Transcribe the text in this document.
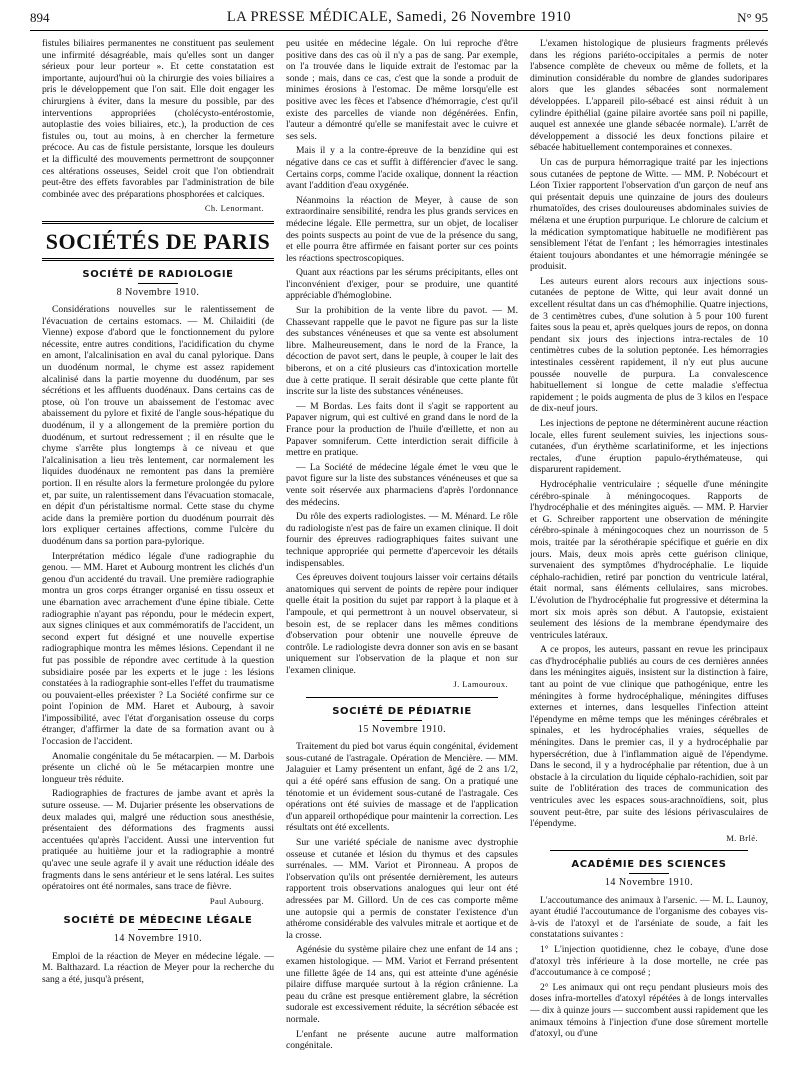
894	LA PRESSE MÉDICALE, Samedi, 26 Novembre 1910	N° 95

fistules biliaires permanentes ne constituent pas seulement une infirmité désagréable, mais qu'elles sont un danger sérieux pour leur porteur ». Et cette constatation est importante, aujourd'hui où la chirurgie des voies biliaires a pris le développement que l'on sait. Elle doit engager les chirurgiens à éviter, dans la mesure du possible, par des interventions appropriées (cholécysto-entérostomie, autoplastie des voies biliaires, etc.), la production de ces fistules ou, tout au moins, à en chercher la fermeture précoce. Au cas de fistule persistante, lorsque les douleurs et la difficulté des mouvements permettront de soupçonner ces altérations osseuses, Seidel croit que l'on obtiendrait peut-être des effets favorables par l'administration de bile combinée avec des préparations phosphorées et calciques.

Ch. Lenormant.
SOCIÉTÉS DE PARIS
SOCIÉTÉ DE RADIOLOGIE
8 Novembre 1910.

Considérations nouvelles sur le ralentissement de l'évacuation de certains estomacs. — M. Chilaiditi (de Vienne) expose d'abord que le fonctionnement du pylore nécessite, entre autres conditions, l'acidification du chyme en amont, l'alcalinisation en aval du canal pylorique. Dans un duodénum normal, le chyme est assez rapidement alcalinisé dans la partie moyenne du duodénum, par ses sécrétions et les affluents duodénaux. Dans certains cas de ptose, où l'on trouve un abaissement de l'estomac avec abaissement du pylore et fixité de l'angle sous-hépatique du duodénum, il y a allongement de la première portion du duodénum, et surtout redressement ; il en résulte que le chyme s'arrête plus longtemps à ce niveau et que l'alcalinisation a lieu très lentement, car normalement les liquides duodénaux ne remontent pas dans la première portion. Il en résulte alors la fermeture prolongée du pylore et, par suite, un ralentissement dans l'évacuation stomacale, en dépit d'un péristaltisme normal. Cette stase du chyme acide dans la première portion du duodénum pourrait dès lors expliquer certaines affections, comme l'ulcère du duodénum dans sa portion para-pylorique.

Interprétation médico légale d'une radiographie du genou. — MM. Haret et Aubourg montrent les clichés d'un genou d'un accidenté du travail. Une première radiographie montra un gros corps étranger organisé en tissu osseux et une ébarnation avec arrachement d'une épine tibiale. Cette radiographie n'ayant pas répondu, pour le médecin expert, aux signes cliniques et aux commémoratifs de l'accident, un second expert fut désigné et une nouvelle expertise radiographique montra les mêmes lésions. Cependant il ne fut pas possible de répondre avec certitude à la question subsidiaire posée par les experts et le juge : les lésions constatées à la radiographie sont-elles l'effet du traumatisme ou pouvaient-elles préexister ? La Société confirme sur ce point l'opinion de MM. Haret et Aubourg, à savoir l'impossibilité, avec l'état d'organisation osseuse du corps étranger, d'affirmer la date de sa formation avant ou à l'occasion de l'accident.

Anomalie congénitale du 5e métacarpien. — M. Darbois présente un cliché où le 5e métacarpien montre une longueur très réduite.

Radiographies de fractures de jambe avant et après la suture osseuse. — M. Dujarier présente les observations de deux malades qui, malgré une réduction sous anesthésie, présentaient des déformations des fragments aussi accentuées qu'après l'accident. Aussi une intervention fut pratiquée au huitième jour et la radiographie a montré qu'avec une seule agrafe il y avait une réduction idéale des fragments dans le sens antérieur et le sens latéral. Les suites opératoires ont été normales, sans trace de fièvre.

Paul Aubourg.
SOCIÉTÉ DE MÉDECINE LÉGALE
14 Novembre 1910.

Emploi de la réaction de Meyer en médecine légale. — M. Balthazard. La réaction de Meyer pour la recherche du sang a été, jusqu'à présent,

peu usitée en médecine légale. On lui reproche d'être positive dans des cas où il n'y a pas de sang. Par exemple, on l'a trouvée dans le liquide extrait de l'estomac par la sonde ; mais, dans ce cas, c'est que la sonde a produit de minimes érosions à l'estomac. De même lorsqu'elle est positive avec les fèces et l'absence d'hémorragie, c'est qu'il existe des parcelles de viande non dégénérées. Enfin, l'auteur a démontré qu'elle se manifestait avec le cuivre et ses sels.

Mais il y a la contre-épreuve de la benzidine qui est négative dans ce cas et suffit à différencier d'avec le sang. Certains corps, comme l'acide oxalique, donnent la réaction avant l'addition d'eau oxygénée.

Néanmoins la réaction de Meyer, à cause de son extraordinaire sensibilité, rendra les plus grands services en médecine légale. Elle permettra, sur un objet, de localiser des points suspects au point de vue de la présence du sang, et elle pourra être affirmée en faisant porter sur ces points les réactions spectroscopiques.

Quant aux réactions par les sérums précipitants, elles ont l'inconvénient d'exiger, pour se produire, une quantité appréciable d'hémoglobine.

Sur la prohibition de la vente libre du pavot. — M. Chassevant rappelle que le pavot ne figure pas sur la liste des substances vénéneuses et que sa vente est absolument libre. Malheureusement, dans le nord de la France, la décoction de pavot sert, dans le peuple, à couper le lait des biberons, et on a cité plusieurs cas d'intoxication mortelle due à cette pratique. Il serait désirable que cette plante fût inscrite sur la liste des substances vénéneuses.

— M Bordas. Les faits dont il s'agit se rapportent au Papaver nigrum, qui est cultivé en grand dans le nord de la France pour la production de l'huile d'œillette, et non au Papaver somniferum. Cette interdiction serait difficile à mettre en pratique.

— La Société de médecine légale émet le vœu que le pavot figure sur la liste des substances vénéneuses et que sa vente soit réservée aux pharmaciens d'après l'ordonnance des médecins.

Du rôle des experts radiologistes. — M. Ménard. Le rôle du radiologiste n'est pas de faire un examen clinique. Il doit fournir des épreuves radiographiques faites suivant une technique appropriée qui permette d'apercevoir les détails indispensables.

Ces épreuves doivent toujours laisser voir certains détails anatomiques qui servent de points de repère pour indiquer quelle était la position du sujet par rapport à la plaque et à l'ampoule, et qui permettront à un nouvel observateur, si besoin est, de se replacer dans les mêmes conditions d'observation pour obtenir une nouvelle épreuve de contrôle. Le radiologiste devra donner son avis en se basant uniquement sur l'observation de la plaque et non sur l'examen clinique.

J. Lamouroux.
SOCIÉTÉ DE PÉDIATRIE
15 Novembre 1910.

Traitement du pied bot varus équin congénital, évidement sous-cutané de l'astragale. Opération de Mencière. — MM. Jalaguier et Lamy présentent un enfant, âgé de 2 ans 1/2, qui a été opéré sans effusion de sang. On a pratiqué une ténotomie et un évidement sous-cutané de l'astragale. Ces opérations ont été suivies de massage et de l'application d'un appareil orthopédique pour maintenir la correction. Les résultats ont été excellents.

Sur une variété spéciale de nanisme avec dystrophie osseuse et cutanée et lésion du thymus et des capsules surrénales. — MM. Variot et Pironneau. A propos de l'observation qu'ils ont présentée dernièrement, les auteurs rapportent trois observations analogues qui leur ont été adressées par M. Gillord. Un de ces cas comporte même une autopsie qui a permis de constater l'existence d'un athérome considérable des valvules mitrale et aortique et de la crosse.

Agénésie du système pilaire chez une enfant de 14 ans ; examen histologique. — MM. Variot et Ferrand présentent une fillette âgée de 14 ans, qui est atteinte d'une agénésie pilaire diffuse marquée surtout à la région crânienne. La peau du crâne est presque entièrement glabre, la sécrétion sudorale est excessivement réduite, la sécrétion sébacée est normale.

L'enfant ne présente aucune autre malformation congénitale.

L'examen histologique de plusieurs fragments prélevés dans les régions pariéto-occipitales a permis de noter l'absence complète de cheveux ou même de follets, et la diminution considérable du nombre de glandes sudoripares alors que les glandes sébacées sont normalement développées. L'appareil pilo-sébacé est ainsi réduit à un cylindre épithélial (gaine pilaire avortée sans poil ni papille, auquel est annexée une glande sébacée normale). L'arrêt de développement a dissocié les deux fonctions pilaire et sébacée habituellement contemporaines et connexes.

Un cas de purpura hémorragique traité par les injections sous cutanées de peptone de Witte. — MM. P. Nobécourt et Léon Tixier rapportent l'observation d'un garçon de neuf ans qui présentait depuis une quinzaine de jours des douleurs rhumatoïdes, des crises douloureuses abdominales suivies de mélæna et une éruption purpurique. Le chlorure de calcium et la médication symptomatique habituelle ne modifièrent pas sensiblement l'état de l'enfant ; les hémorragies intestinales étaient toujours abondantes et une hémorragie méningée se produisit.

Les auteurs eurent alors recours aux injections sous-cutanées de peptone de Witte, qui leur avait donné un excellent résultat dans un cas d'hémophilie. Quatre injections, de 3 centimètres cubes, d'une solution à 5 pour 100 furent faites sous la peau et, après quelques jours de repos, on donna pendant six jours des injections intra-rectales de 10 centimètres cubes de la solution peptonée. Les hémorragies intestinales cessèrent rapidement, il n'y eut plus aucune poussée nouvelle de purpura. La convalescence habituellement si longue de cette maladie s'effectua rapidement ; le poids augmenta de plus de 3 kilos en l'espace de dix-neuf jours.

Les injections de peptone ne déterminèrent aucune réaction locale, elles furent seulement suivies, les injections sous-cutanées, d'un érythème scarlatiniforme, et les injections rectales, d'une éruption papulo-érythémateuse, qui disparurent rapidement.

Hydrocéphalie ventriculaire ; séquelle d'une méningite cérébro-spinale à méningocoques. Rapports de l'hydrocéphalie et des méningites aiguës. — MM. P. Harvier et G. Schreiber rapportent une observation de méningite cérébro-spinale à méningocoques chez un nourrisson de 5 mois, traitée par la sérothérapie spécifique et guérie en dix jours. Mais, deux mois après cette guérison clinique, survenaient des symptômes d'hydrocéphalie. Le liquide céphalo-rachidien, retiré par ponction du ventricule latéral, était normal, sans éléments cellulaires, sans microbes. L'évolution de l'hydrocéphalie fut progressive et détermina la mort six mois après son début. A l'autopsie, existaient seulement des lésions de la membrane épendymaire des ventricules latéraux.

A ce propos, les auteurs, passant en revue les principaux cas d'hydrocéphalie publiés au cours de ces dernières années dans les méningites aiguës, insistent sur la distinction à faire, tant au point de vue clinique que pathogénique, entre les méningites à forme hydrocéphalique, méningites diffuses externes et internes, dans lesquelles l'infection atteint l'épendyme en même temps que les méninges cérébrales et spinales, et les hydrocéphalies vraies, séquelles de méningites. Dans le premier cas, il y a hydrocéphalie par hypersécrétion, due à l'inflammation aiguë de l'épendyme. Dans le second, il y a hydrocéphalie par rétention, due à un obstacle à la circulation du liquide céphalo-rachidien, soit par suite de l'oblitération des traces de communication des ventricules avec les espaces sous-arachnoïdiens, soit, plus souvent peut-être, par suite des lésions périvasculaires de l'épendyme.

M. Brlé.
ACADÉMIE DES SCIENCES
14 Novembre 1910.

L'accoutumance des animaux à l'arsenic. — M. L. Launoy, ayant étudié l'accoutumance de l'organisme des cobayes vis-à-vis de l'atoxyl et de l'arséniate de soude, a fait les constatations suivantes :

1° L'injection quotidienne, chez le cobaye, d'une dose d'atoxyl très inférieure à la dose mortelle, ne crée pas d'accoutumance à ce composé ;

2° Les animaux qui ont reçu pendant plusieurs mois des doses infra-mortelles d'atoxyl répétées à de longs intervalles — dix à quinze jours — succombent aussi rapidement que les animaux témoins à l'injection d'une dose sûrement mortelle d'atoxyl, ou d'une
